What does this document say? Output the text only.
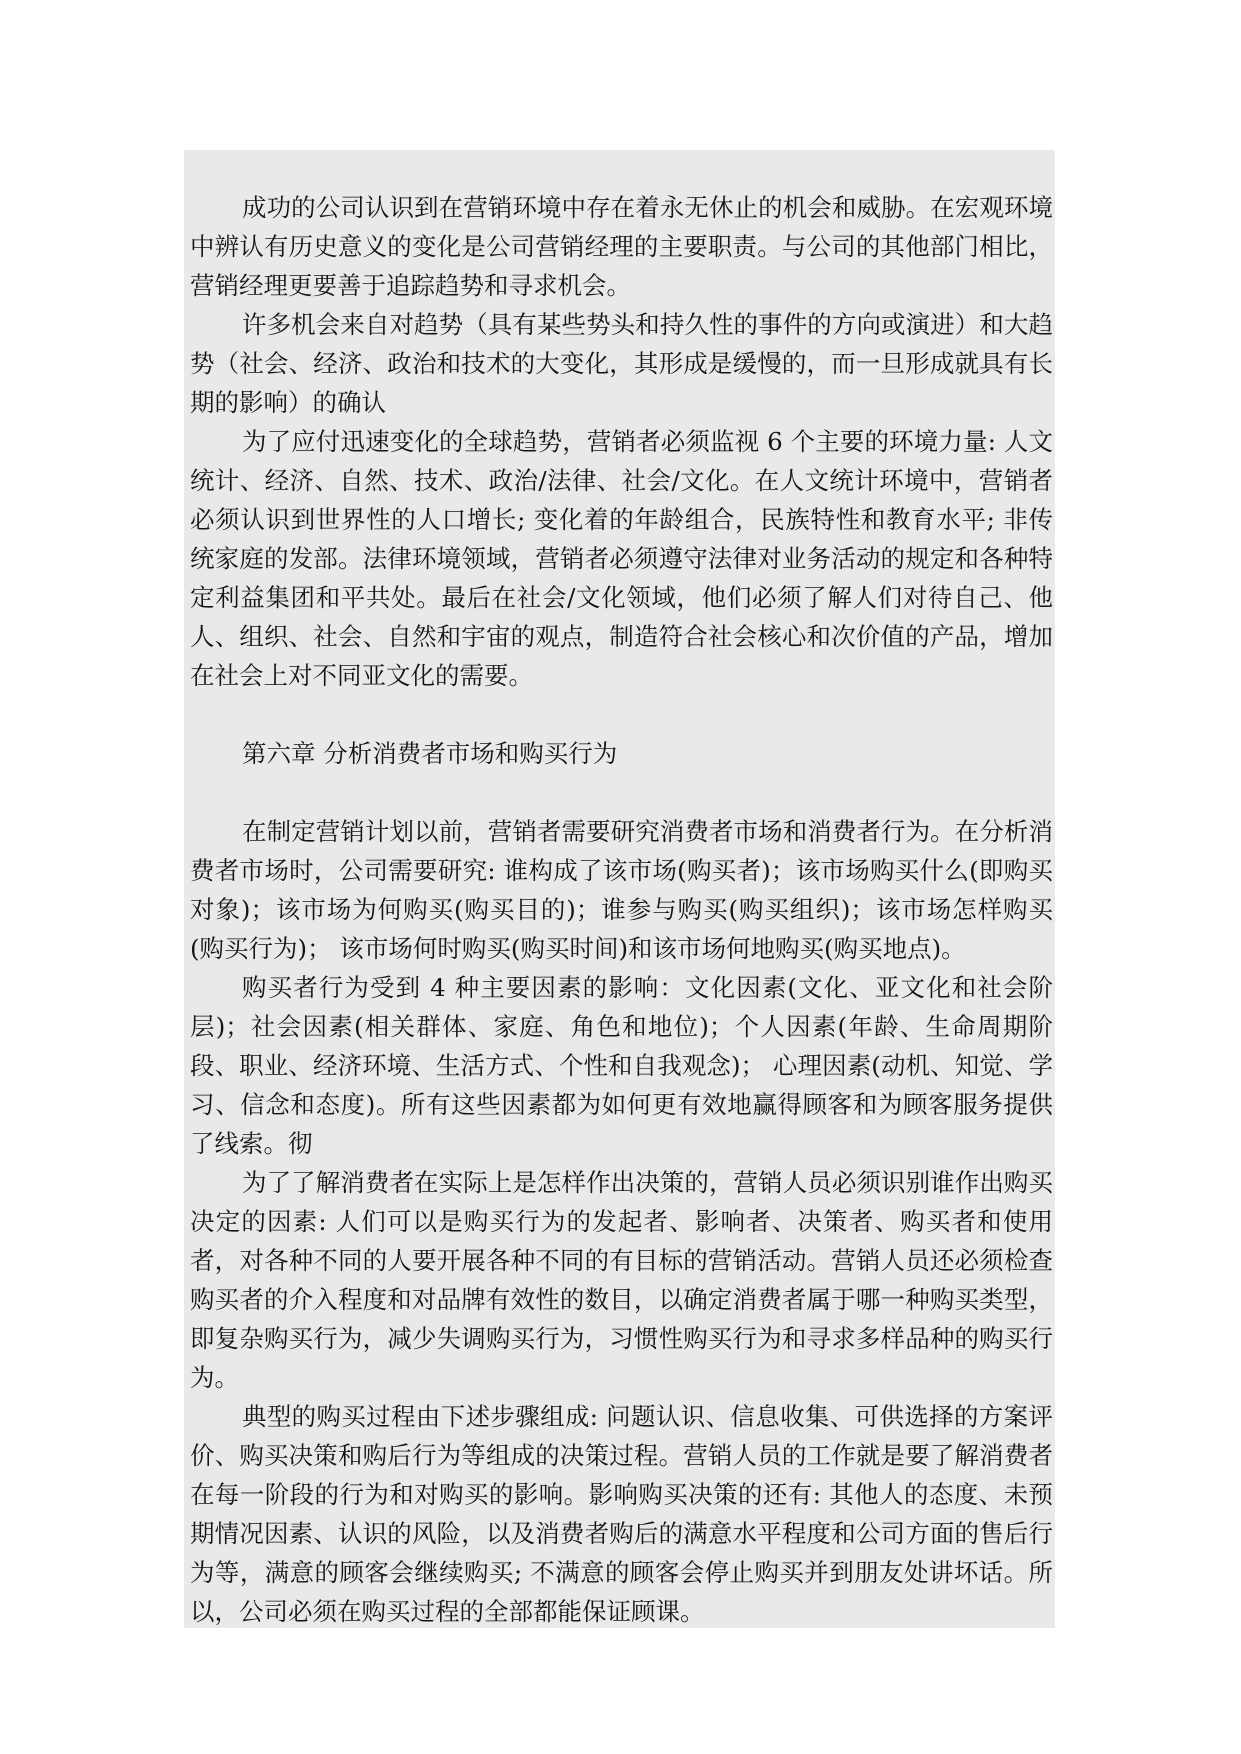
成功的公司认识到在营销环境中存在着永无休止的机会和威胁。在宏观环境中辨认有历史意义的变化是公司营销经理的主要职责。与公司的其他部门相比，营销经理更要善于追踪趋势和寻求机会。

许多机会来自对趋势（具有某些势头和持久性的事件的方向或演进）和大趋势（社会、经济、政治和技术的大变化，其形成是缓慢的，而一旦形成就具有长期的影响）的确认

为了应付迅速变化的全球趋势，营销者必须监视 6 个主要的环境力量: 人文统计、经济、自然、技术、政治/法律、社会/文化。在人文统计环境中，营销者必须认识到世界性的人口增长; 变化着的年龄组合，民族特性和教育水平; 非传统家庭的发部。法律环境领域，营销者必须遵守法律对业务活动的规定和各种特定利益集团和平共处。最后在社会/文化领域，他们必须了解人们对待自己、他人、组织、社会、自然和宇宙的观点，制造符合社会核心和次价值的产品，增加在社会上对不同亚文化的需要。

第六章 分析消费者市场和购买行为

在制定营销计划以前，营销者需要研究消费者市场和消费者行为。在分析消费者市场时，公司需要研究: 谁构成了该市场(购买者)；该市场购买什么(即购买对象)；该市场为何购买(购买目的)；谁参与购买(购买组织)；该市场怎样购买(购买行为)； 该市场何时购买(购买时间)和该市场何地购买(购买地点)。

购买者行为受到 4 种主要因素的影响：文化因素(文化、亚文化和社会阶层)；社会因素(相关群体、家庭、角色和地位)；个人因素(年龄、生命周期阶段、职业、经济环境、生活方式、个性和自我观念)； 心理因素(动机、知觉、学习、信念和态度)。所有这些因素都为如何更有效地赢得顾客和为顾客服务提供了线索。彻

为了了解消费者在实际上是怎样作出决策的，营销人员必须识别谁作出购买决定的因素: 人们可以是购买行为的发起者、影响者、决策者、购买者和使用者，对各种不同的人要开展各种不同的有目标的营销活动。营销人员还必须检查购买者的介入程度和对品牌有效性的数目，以确定消费者属于哪一种购买类型，即复杂购买行为，减少失调购买行为，习惯性购买行为和寻求多样品种的购买行为。

典型的购买过程由下述步骤组成: 问题认识、信息收集、可供选择的方案评价、购买决策和购后行为等组成的决策过程。营销人员的工作就是要了解消费者在每一阶段的行为和对购买的影响。影响购买决策的还有: 其他人的态度、未预期情况因素、认识的风险，以及消费者购后的满意水平程度和公司方面的售后行为等，满意的顾客会继续购买; 不满意的顾客会停止购买并到朋友处讲坏话。所以，公司必须在购买过程的全部都能保证顾课。
